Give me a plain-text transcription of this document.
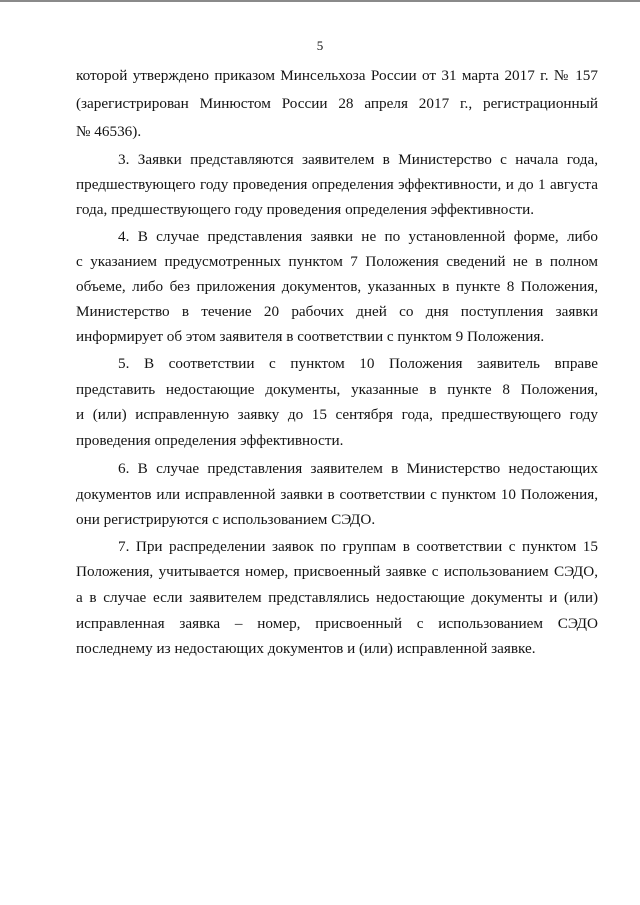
5
которой утверждено приказом Минсельхоза России от 31 марта 2017 г. № 157
(зарегистрирован Минюстом России 28 апреля 2017 г., регистрационный
№ 46536).
3. Заявки представляются заявителем в Министерство с начала года,
предшествующего году проведения определения эффективности, и до 1 августа
года, предшествующего году проведения определения эффективности.
4. В случае представления заявки не по установленной форме, либо
с указанием предусмотренных пунктом 7 Положения сведений не в полном
объеме, либо без приложения документов, указанных в пункте 8 Положения,
Министерство в течение 20 рабочих дней со дня поступления заявки
информирует об этом заявителя в соответствии с пунктом 9 Положения.
5. В соответствии с пунктом 10 Положения заявитель вправе
представить недостающие документы, указанные в пункте 8 Положения,
и (или) исправленную заявку до 15 сентября года, предшествующего году
проведения определения эффективности.
6. В случае представления заявителем в Министерство недостающих
документов или исправленной заявки в соответствии с пунктом 10 Положения,
они регистрируются с использованием СЭДО.
7. При распределении заявок по группам в соответствии с пунктом 15
Положения, учитывается номер, присвоенный заявке с использованием СЭДО,
а в случае если заявителем представлялись недостающие документы и (или)
исправленная заявка – номер, присвоенный с использованием СЭДО
последнему из недостающих документов и (или) исправленной заявке.
